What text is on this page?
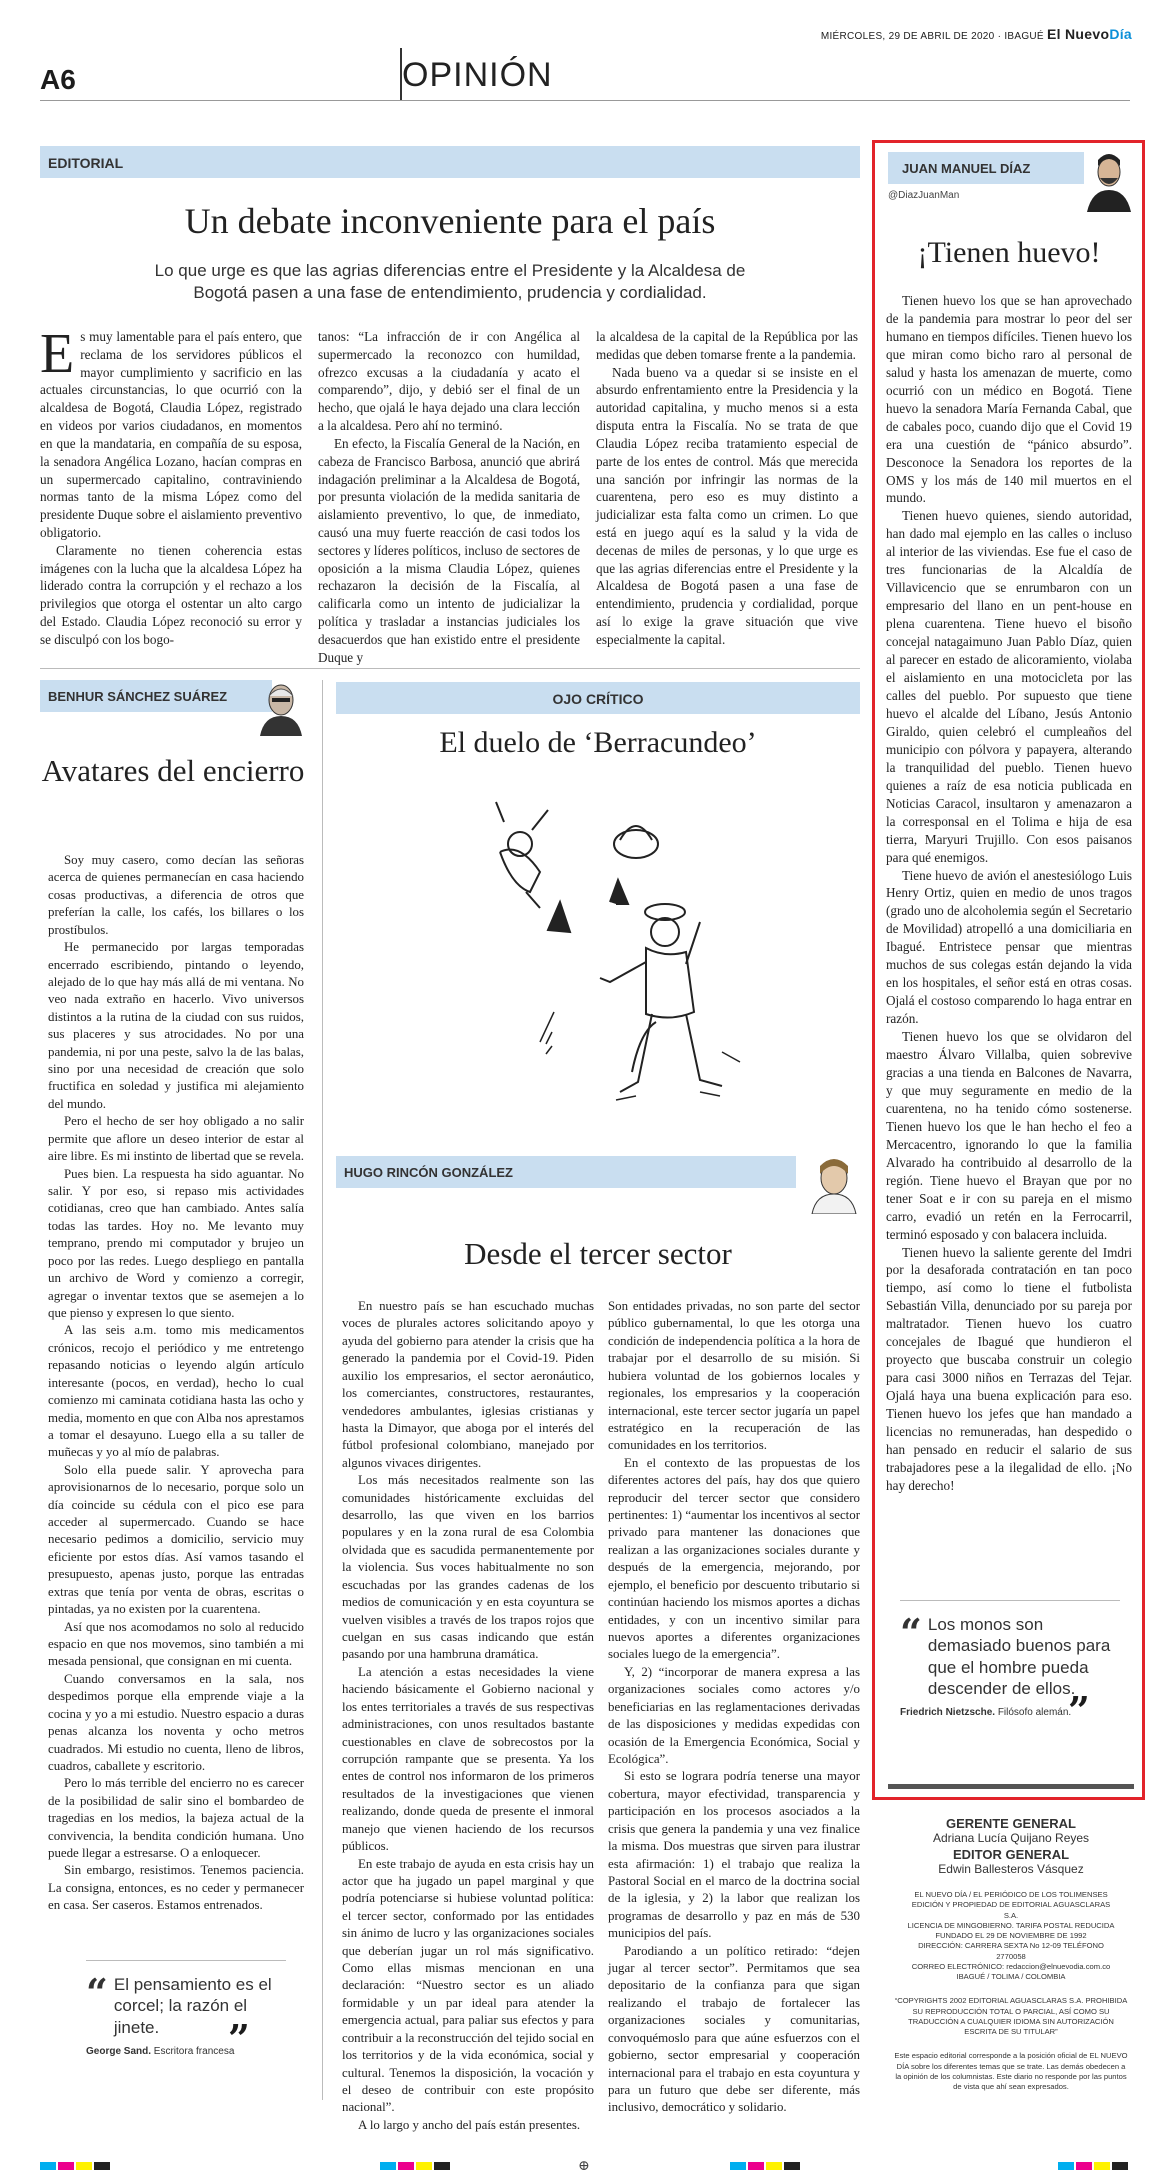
MIÉRCOLES, 29 DE ABRIL DE 2020 · IBAGUÉ El NuevoDía
A6	OPINIÓN
EDITORIAL
Un debate inconveniente para el país
Lo que urge es que las agrias diferencias entre el Presidente y la Alcaldesa de Bogotá pasen a una fase de entendimiento, prudencia y cordialidad.
E s muy lamentable para el país entero, que reclama de los servidores públicos el mayor cumplimiento y sacrificio en las actuales circunstancias, lo que ocurrió con la alcaldesa de Bogotá, Claudia López, registrado en videos por varios ciudadanos, en momentos en que la mandataria, en compañía de su esposa, la senadora Angélica Lozano, hacían compras en un supermercado capitalino, contraviniendo normas tanto de la misma López como del presidente Duque sobre el aislamiento preventivo obligatorio.

Claramente no tienen coherencia estas imágenes con la lucha que la alcaldesa López ha liderado contra la corrupción y el rechazo a los privilegios que otorga el ostentar un alto cargo del Estado. Claudia López reconoció su error y se disculpó con los bogo-

tanos: “La infracción de ir con Angélica al supermercado la reconozco con humildad, ofrezco excusas a la ciudadanía y acato el comparendo”, dijo, y debió ser el final de un hecho, que ojalá le haya dejado una clara lección a la alcaldesa. Pero ahí no terminó.

En efecto, la Fiscalía General de la Nación, en cabeza de Francisco Barbosa, anunció que abrirá indagación preliminar a la Alcaldesa de Bogotá, por presunta violación de la medida sanitaria de aislamiento preventivo, lo que, de inmediato, causó una muy fuerte reacción de casi todos los sectores y líderes políticos, incluso de sectores de oposición a la misma Claudia López, quienes rechazaron la decisión de la Fiscalía, al calificarla como un intento de judicializar la política y trasladar a instancias judiciales los desacuerdos que han existido entre el presidente Duque y

la alcaldesa de la capital de la República por las medidas que deben tomarse frente a la pandemia.

Nada bueno va a quedar si se insiste en el absurdo enfrentamiento entre la Presidencia y la autoridad capitalina, y mucho menos si a esta disputa entra la Fiscalía. No se trata de que Claudia López reciba tratamiento especial de parte de los entes de control. Más que merecida una sanción por infringir las normas de la cuarentena, pero eso es muy distinto a judicializar esta falta como un crimen. Lo que está en juego aquí es la salud y la vida de decenas de miles de personas, y lo que urge es que las agrias diferencias entre el Presidente y la Alcaldesa de Bogotá pasen a una fase de entendimiento, prudencia y cordialidad, porque así lo exige la grave situación que vive especialmente la capital.

BENHUR SÁNCHEZ SUÁREZ
Avatares del encierro

Soy muy casero, como decían las señoras acerca de quienes permanecían en casa haciendo cosas productivas, a diferencia de otros que preferían la calle, los cafés, los billares o los prostíbulos.

He permanecido por largas temporadas encerrado escribiendo, pintando o leyendo, alejado de lo que hay más allá de mi ventana. No veo nada extraño en hacerlo. Vivo universos distintos a la rutina de la ciudad con sus ruidos, sus placeres y sus atrocidades. No por una pandemia, ni por una peste, salvo la de las balas, sino por una necesidad de creación que solo fructifica en soledad y justifica mi alejamiento del mundo.

Pero el hecho de ser hoy obligado a no salir permite que aflore un deseo interior de estar al aire libre. Es mi instinto de libertad que se revela.

Pues bien. La respuesta ha sido aguantar. No salir. Y por eso, si repaso mis actividades cotidianas, creo que han cambiado. Antes salía todas las tardes. Hoy no. Me levanto muy temprano, prendo mi computador y brujeo un poco por las redes. Luego despliego en pantalla un archivo de Word y comienzo a corregir, agregar o inventar textos que se asemejen a lo que pienso y expresen lo que siento.

A las seis a.m. tomo mis medicamentos crónicos, recojo el periódico y me entretengo repasando noticias o leyendo algún artículo interesante (pocos, en verdad), hecho lo cual comienzo mi caminata cotidiana hasta las ocho y media, momento en que con Alba nos aprestamos a tomar el desayuno. Luego ella a su taller de muñecas y yo al mío de palabras.

Solo ella puede salir. Y aprovecha para aprovisionarnos de lo necesario, porque solo un día coincide su cédula con el pico ese para acceder al supermercado. Cuando se hace necesario pedimos a domicilio, servicio muy eficiente por estos días. Así vamos tasando el presupuesto, apenas justo, porque las entradas extras que tenía por venta de obras, escritas o pintadas, ya no existen por la cuarentena.

Así que nos acomodamos no solo al reducido espacio en que nos movemos, sino también a mi mesada pensional, que consignan en mi cuenta.

Cuando conversamos en la sala, nos despedimos porque ella emprende viaje a la cocina y yo a mi estudio. Nuestro espacio a duras penas alcanza los noventa y ocho metros cuadrados. Mi estudio no cuenta, lleno de libros, cuadros, caballete y escritorio.

Pero lo más terrible del encierro no es carecer de la posibilidad de salir sino el bombardeo de tragedias en los medios, la bajeza actual de la convivencia, la bendita condición humana. Uno puede llegar a estresarse. O a enloquecer.

Sin embargo, resistimos. Tenemos paciencia. La consigna, entonces, es no ceder y permanecer en casa. Ser caseros. Estamos entrenados.

“ El pensamiento es el corcel; la razón el jinete.
George Sand. Escritora francesa
”
OJO CRÍTICO
El duelo de ‘Berracundeo’
HUGO RINCÓN GONZÁLEZ
Desde el tercer sector

En nuestro país se han escuchado muchas voces de plurales actores solicitando apoyo y ayuda del gobierno para atender la crisis que ha generado la pandemia por el Covid-19. Piden auxilio los empresarios, el sector aeronáutico, los comerciantes, constructores, restaurantes, vendedores ambulantes, iglesias cristianas y hasta la Dimayor, que aboga por el interés del fútbol profesional colombiano, manejado por algunos vivaces dirigentes.

Los más necesitados realmente son las comunidades históricamente excluidas del desarrollo, las que viven en los barrios populares y en la zona rural de esa Colombia olvidada que es sacudida permanentemente por la violencia. Sus voces habitualmente no son escuchadas por las grandes cadenas de los medios de comunicación y en esta coyuntura se vuelven visibles a través de los trapos rojos que cuelgan en sus casas indicando que están pasando por una hambruna dramática.

La atención a estas necesidades la viene haciendo básicamente el Gobierno nacional y los entes territoriales a través de sus respectivas administraciones, con unos resultados bastante cuestionables en clave de sobrecostos por la corrupción rampante que se presenta. Ya los entes de control nos informaron de los primeros resultados de la investigaciones que vienen realizando, donde queda de presente el inmoral manejo que vienen haciendo de los recursos públicos.

En este trabajo de ayuda en esta crisis hay un actor que ha jugado un papel marginal y que podría potenciarse si hubiese voluntad política: el tercer sector, conformado por las entidades sin ánimo de lucro y las organizaciones sociales que deberían jugar un rol más significativo. Como ellas mismas mencionan en una declaración: “Nuestro sector es un aliado formidable y un par ideal para atender la emergencia actual, para paliar sus efectos y para contribuir a la reconstrucción del tejido social en los territorios y de la vida económica, social y cultural. Tenemos la disposición, la vocación y el deseo de contribuir con este propósito nacional”.

A lo largo y ancho del país están presentes.

Son entidades privadas, no son parte del sector público gubernamental, lo que les otorga una condición de independencia política a la hora de trabajar por el desarrollo de su misión. Si hubiera voluntad de los gobiernos locales y regionales, los empresarios y la cooperación internacional, este tercer sector jugaría un papel estratégico en la recuperación de las comunidades en los territorios.

En el contexto de las propuestas de los diferentes actores del país, hay dos que quiero reproducir del tercer sector que considero pertinentes: 1) “aumentar los incentivos al sector privado para mantener las donaciones que realizan a las organizaciones sociales durante y después de la emergencia, mejorando, por ejemplo, el beneficio por descuento tributario si continúan haciendo los mismos aportes a dichas entidades, y con un incentivo similar para nuevos aportes a diferentes organizaciones sociales luego de la emergencia”.

Y, 2) “incorporar de manera expresa a las organizaciones sociales como actores y/o beneficiarias en las reglamentaciones derivadas de las disposiciones y medidas expedidas con ocasión de la Emergencia Económica, Social y Ecológica”.

Si esto se lograra podría tenerse una mayor cobertura, mayor efectividad, transparencia y participación en los procesos asociados a la crisis que genera la pandemia y una vez finalice la misma. Dos muestras que sirven para ilustrar esta afirmación: 1) el trabajo que realiza la Pastoral Social en el marco de la doctrina social de la iglesia, y 2) la labor que realizan los programas de desarrollo y paz en más de 530 municipios del país.

Parodiando a un político retirado: “dejen jugar al tercer sector”. Permitamos que sea depositario de la confianza para que sigan realizando el trabajo de fortalecer las organizaciones sociales y comunitarias, convoquémoslo para que aúne esfuerzos con el gobierno, sector empresarial y cooperación internacional para el trabajo en esta coyuntura y para un futuro que debe ser diferente, más inclusivo, democrático y solidario.

JUAN MANUEL DÍAZ
@DiazJuanMan
¡Tienen huevo!

Tienen huevo los que se han aprovechado de la pandemia para mostrar lo peor del ser humano en tiempos difíciles. Tienen huevo los que miran como bicho raro al personal de salud y hasta los amenazan de muerte, como ocurrió con un médico en Bogotá. Tiene huevo la senadora María Fernanda Cabal, que de cabales poco, cuando dijo que el Covid 19 era una cuestión de “pánico absurdo”. Desconoce la Senadora los reportes de la OMS y los más de 140 mil muertos en el mundo.

Tienen huevo quienes, siendo autoridad, han dado mal ejemplo en las calles o incluso al interior de las viviendas. Ese fue el caso de tres funcionarias de la Alcaldía de Villavicencio que se enrumbaron con un empresario del llano en un pent-house en plena cuarentena. Tiene huevo el bisoño concejal natagaimuno Juan Pablo Díaz, quien al parecer en estado de alicoramiento, violaba el aislamiento en una motocicleta por las calles del pueblo. Por supuesto que tiene huevo el alcalde del Líbano, Jesús Antonio Giraldo, quien celebró el cumpleaños del municipio con pólvora y papayera, alterando la tranquilidad del pueblo. Tienen huevo quienes a raíz de esa noticia publicada en Noticias Caracol, insultaron y amenazaron a la corresponsal en el Tolima e hija de esa tierra, Maryuri Trujillo. Con esos paisanos para qué enemigos.

Tiene huevo de avión el anestesiólogo Luis Henry Ortiz, quien en medio de unos tragos (grado uno de alcoholemia según el Secretario de Movilidad) atropelló a una domiciliaria en Ibagué. Entristece pensar que mientras muchos de sus colegas están dejando la vida en los hospitales, el señor está en otras cosas. Ojalá el costoso comparendo lo haga entrar en razón.

Tienen huevo los que se olvidaron del maestro Álvaro Villalba, quien sobrevive gracias a una tienda en Balcones de Navarra, y que muy seguramente en medio de la cuarentena, no ha tenido cómo sostenerse. Tienen huevo los que le han hecho el feo a Mercacentro, ignorando lo que la familia Alvarado ha contribuido al desarrollo de la región. Tiene huevo el Brayan que por no tener Soat e ir con su pareja en el mismo carro, evadió un retén en la Ferrocarril, terminó esposado y con balacera incluida.

Tienen huevo la saliente gerente del Imdri por la desaforada contratación en tan poco tiempo, así como lo tiene el futbolista Sebastián Villa, denunciado por su pareja por maltratador. Tienen huevo los cuatro concejales de Ibagué que hundieron el proyecto que buscaba construir un colegio para casi 3000 niños en Terrazas del Tejar. Ojalá haya una buena explicación para eso. Tienen huevo los jefes que han mandado a licencias no remuneradas, han despedido o han pensado en reducir el salario de sus trabajadores pese a la ilegalidad de ello. ¡No hay derecho!

“ Los monos son demasiado buenos para que el hombre pueda descender de ellos.
Friedrich Nietzsche. Filósofo alemán.
”
GERENTE GENERAL
Adriana Lucía Quijano Reyes
EDITOR GENERAL
Edwin Ballesteros Vásquez
EL NUEVO DÍA / EL PERIÓDICO DE LOS TOLIMENSES
EDICIÓN Y PROPIEDAD DE EDITORIAL AGUASCLARAS S.A.
LICENCIA DE MINGOBIERNO. TARIFA POSTAL REDUCIDA
FUNDADO EL 29 DE NOVIEMBRE DE 1992
DIRECCIÓN: CARRERA SEXTA No 12-09 TELÉFONO 2770058
CORREO ELECTRÓNICO: redaccion@elnuevodia.com.co
IBAGUÉ / TOLIMA / COLOMBIA
“COPYRIGHTS 2002 EDITORIAL AGUASCLARAS S.A. PROHIBIDA SU REPRODUCCIÓN TOTAL O PARCIAL, ASÍ COMO SU TRADUCCIÓN A CUALQUIER IDIOMA SIN AUTORIZACIÓN ESCRITA DE SU TITULAR”
Este espacio editorial corresponde a la posición oficial de EL NUEVO DÍA sobre los diferentes temas que se trate. Las demás obedecen a la opinión de los columnistas. Este diario no responde por las puntos de vista que ahí sean expresados.
⊕
